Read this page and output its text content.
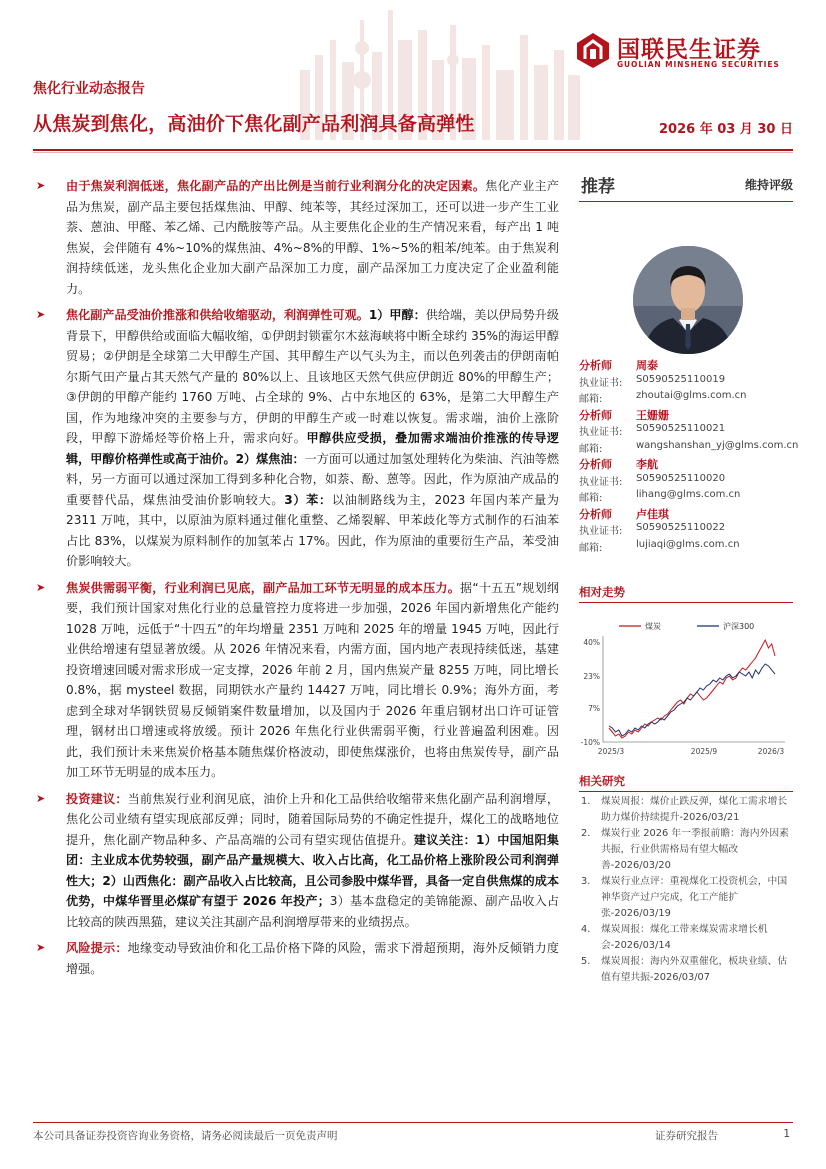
国联民生证券
GUOLIAN MINSHENG SECURITIES
焦化行业动态报告
从焦炭到焦化，高油价下焦化副产品利润具备高弹性	2026 年 03 月 30 日
➤ 由于焦炭利润低迷，焦化副产品的产出比例是当前行业利润分化的决定因素。焦化产业主产品为焦炭，副产品主要包括煤焦油、甲醇、纯苯等，其经过深加工，还可以进一步产生工业萘、蒽油、甲醛、苯乙烯、己内酰胺等产品。从主要焦化企业的生产情况来看，每产出 1 吨焦炭，会伴随有 4%~10%的煤焦油、4%~8%的甲醇、1%~5%的粗苯/纯苯。由于焦炭利润持续低迷，龙头焦化企业加大副产品深加工力度，副产品深加工力度决定了企业盈利能力。
➤ 焦化副产品受油价推涨和供给收缩驱动，利润弹性可观。1）甲醇：供给端，美以伊局势升级背景下，甲醇供给或面临大幅收缩，①伊朗封锁霍尔木兹海峡将中断全球约 35%的海运甲醇贸易；②伊朗是全球第二大甲醇生产国、其甲醇生产以气头为主，而以色列袭击的伊朗南帕尔斯气田产量占其天然气产量的 80%以上、且该地区天然气供应伊朗近 80%的甲醇生产；③伊朗的甲醇产能约 1760 万吨、占全球的 9%、占中东地区的 63%，是第二大甲醇生产国，作为地缘冲突的主要参与方，伊朗的甲醇生产或一时难以恢复。需求端，油价上涨阶段，甲醇下游烯烃等价格上升，需求向好。甲醇供应受损，叠加需求端油价推涨的传导逻辑，甲醇价格弹性或高于油价。2）煤焦油：一方面可以通过加氢处理转化为柴油、汽油等燃料，另一方面可以通过深加工得到多种化合物，如萘、酚、蒽等。因此，作为原油产成品的重要替代品，煤焦油受油价影响较大。3）苯：以油制路线为主，2023 年国内苯产量为 2311 万吨，其中，以原油为原料通过催化重整、乙烯裂解、甲苯歧化等方式制作的石油苯占比 83%，以煤炭为原料制作的加氢苯占 17%。因此，作为原油的重要衍生产品，苯受油价影响较大。
➤ 焦炭供需弱平衡，行业利润已见底，副产品加工环节无明显的成本压力。据“十五五”规划纲要，我们预计国家对焦化行业的总量管控力度将进一步加强，2026 年国内新增焦化产能约 1028 万吨，远低于“十四五”的年均增量 2351 万吨和 2025 年的增量 1945 万吨，因此行业供给增速有望显著放缓。从 2026 年情况来看，内需方面，国内地产表现持续低迷，基建投资增速回暖对需求形成一定支撑，2026 年前 2 月，国内焦炭产量 8255 万吨，同比增长 0.8%，据 mysteel 数据，同期铁水产量约 14427 万吨，同比增长 0.9%；海外方面，考虑到全球对华钢铁贸易反倾销案件数量增加，以及国内于 2026 年重启钢材出口许可证管理，钢材出口增速或将放缓。预计 2026 年焦化行业供需弱平衡，行业普遍盈利困难。因此，我们预计未来焦炭价格基本随焦煤价格波动，即使焦煤涨价，也将由焦炭传导，副产品加工环节无明显的成本压力。
➤ 投资建议：当前焦炭行业利润见底，油价上升和化工品供给收缩带来焦化副产品利润增厚，焦化公司业绩有望实现底部反弹；同时，随着国际局势的不确定性提升，煤化工的战略地位提升，焦化副产物品种多、产品高端的公司有望实现估值提升。建议关注：1）中国旭阳集团：主业成本优势较强，副产品产量规模大、收入占比高，化工品价格上涨阶段公司利润弹性大；2）山西焦化：副产品收入占比较高，且公司参股中煤华晋，具备一定自供焦煤的成本优势，中煤华晋里必煤矿有望于 2026 年投产；3）基本盘稳定的美锦能源、副产品收入占比较高的陕西黑猫，建议关注其副产品利润增厚带来的业绩拐点。
➤ 风险提示：地缘变动导致油价和化工品价格下降的风险，需求下滑超预期，海外反倾销力度增强。
推荐	维持评级
分析师 周泰
执业证书: S0590525110019
邮箱:	zhoutai@glms.com.cn
分析师 王姗姗
执业证书: S0590525110021
邮箱:	wangshanshan_yj@glms.com.cn
分析师 李航
执业证书: S0590525110020
邮箱:	lihang@glms.com.cn
分析师 卢佳琪
执业证书: S0590525110022
邮箱:	lujiaqi@glms.com.cn
相对走势
40%
23%
7%
-10%
2025/3	2025/9	2026/3
煤炭	沪深300
相关研究
1. 煤炭周报：煤价止跌反弹，煤化工需求增长助力煤价持续提升-2026/03/21
2. 煤炭行业 2026 年一季报前瞻：海内外因素共振，行业供需格局有望大幅改善-2026/03/20
3. 煤炭行业点评：重视煤化工投资机会，中国神华资产过户完成，化工产能扩张-2026/03/19
4. 煤炭周报：煤化工带来煤炭需求增长机会-2026/03/14
5. 煤炭周报：海内外双重催化，板块业绩、估值有望共振-2026/03/07
本公司具备证券投资咨询业务资格，请务必阅读最后一页免责声明	证券研究报告	1
